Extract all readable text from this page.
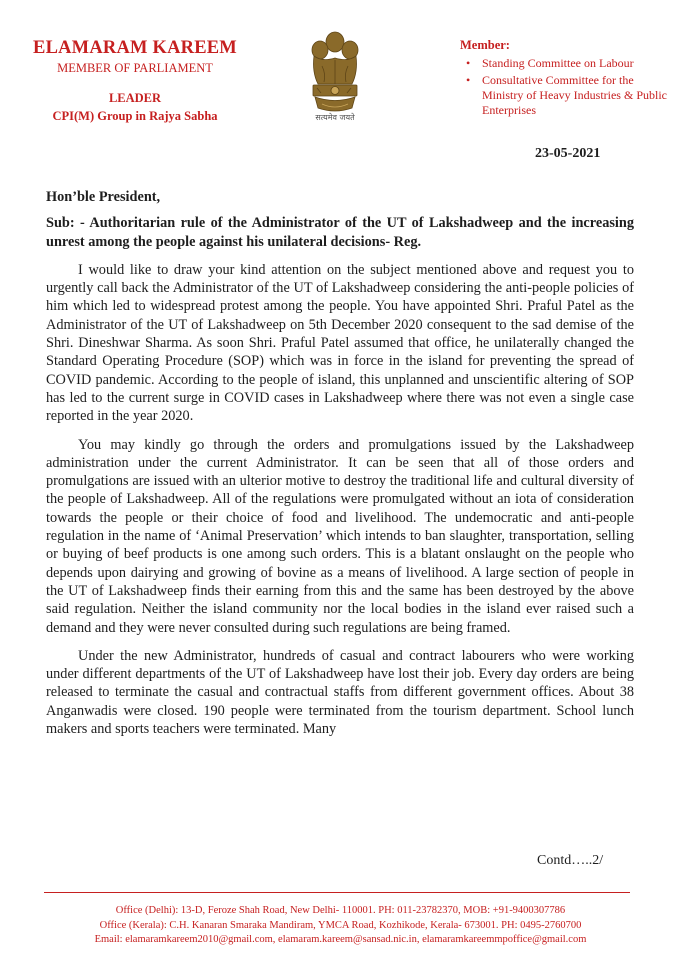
ELAMARAM KAREEM
MEMBER OF PARLIAMENT
LEADER
CPI(M) Group in Rajya Sabha	सत्यमेव जयते
Member:
• Standing Committee on Labour
• Consultative Committee for the Ministry of Heavy Industries & Public Enterprises
23-05-2021

Hon’ble President,

Sub: - Authoritarian rule of the Administrator of the UT of Lakshadweep and the increasing unrest among the people against his unilateral decisions- Reg.

I would like to draw your kind attention on the subject mentioned above and request you to urgently call back the Administrator of the UT of Lakshadweep considering the anti-people policies of him which led to widespread protest among the people. You have appointed Shri. Praful Patel as the Administrator of the UT of Lakshadweep on 5th December 2020 consequent to the sad demise of the Shri. Dineshwar Sharma. As soon Shri. Praful Patel assumed that office, he unilaterally changed the Standard Operating Procedure (SOP) which was in force in the island for preventing the spread of COVID pandemic. According to the people of island, this unplanned and unscientific altering of SOP has led to the current surge in COVID cases in Lakshadweep where there was not even a single case reported in the year 2020.

You may kindly go through the orders and promulgations issued by the Lakshadweep administration under the current Administrator. It can be seen that all of those orders and promulgations are issued with an ulterior motive to destroy the traditional life and cultural diversity of the people of Lakshadweep. All of the regulations were promulgated without an iota of consideration towards the people or their choice of food and livelihood. The undemocratic and anti-people regulation in the name of ‘Animal Preservation’ which intends to ban slaughter, transportation, selling or buying of beef products is one among such orders. This is a blatant onslaught on the people who depends upon dairying and growing of bovine as a means of livelihood. A large section of people in the UT of Lakshadweep finds their earning from this and the same has been destroyed by the above said regulation. Neither the island community nor the local bodies in the island ever raised such a demand and they were never consulted during such regulations are being framed.

Under the new Administrator, hundreds of casual and contract labourers who were working under different departments of the UT of Lakshadweep have lost their job. Every day orders are being released to terminate the casual and contractual staffs from different government offices. About 38 Anganwadis were closed. 190 people were terminated from the tourism department. School lunch makers and sports teachers were terminated. Many

Contd…..2/
Office (Delhi): 13-D, Feroze Shah Road, New Delhi- 110001. PH: 011-23782370, MOB: +91-9400307786
Office (Kerala): C.H. Kanaran Smaraka Mandiram, YMCA Road, Kozhikode, Kerala- 673001. PH: 0495-2760700
Email: elamaramkareem2010@gmail.com, elamaram.kareem@sansad.nic.in, elamaramkareemmpoffice@gmail.com
